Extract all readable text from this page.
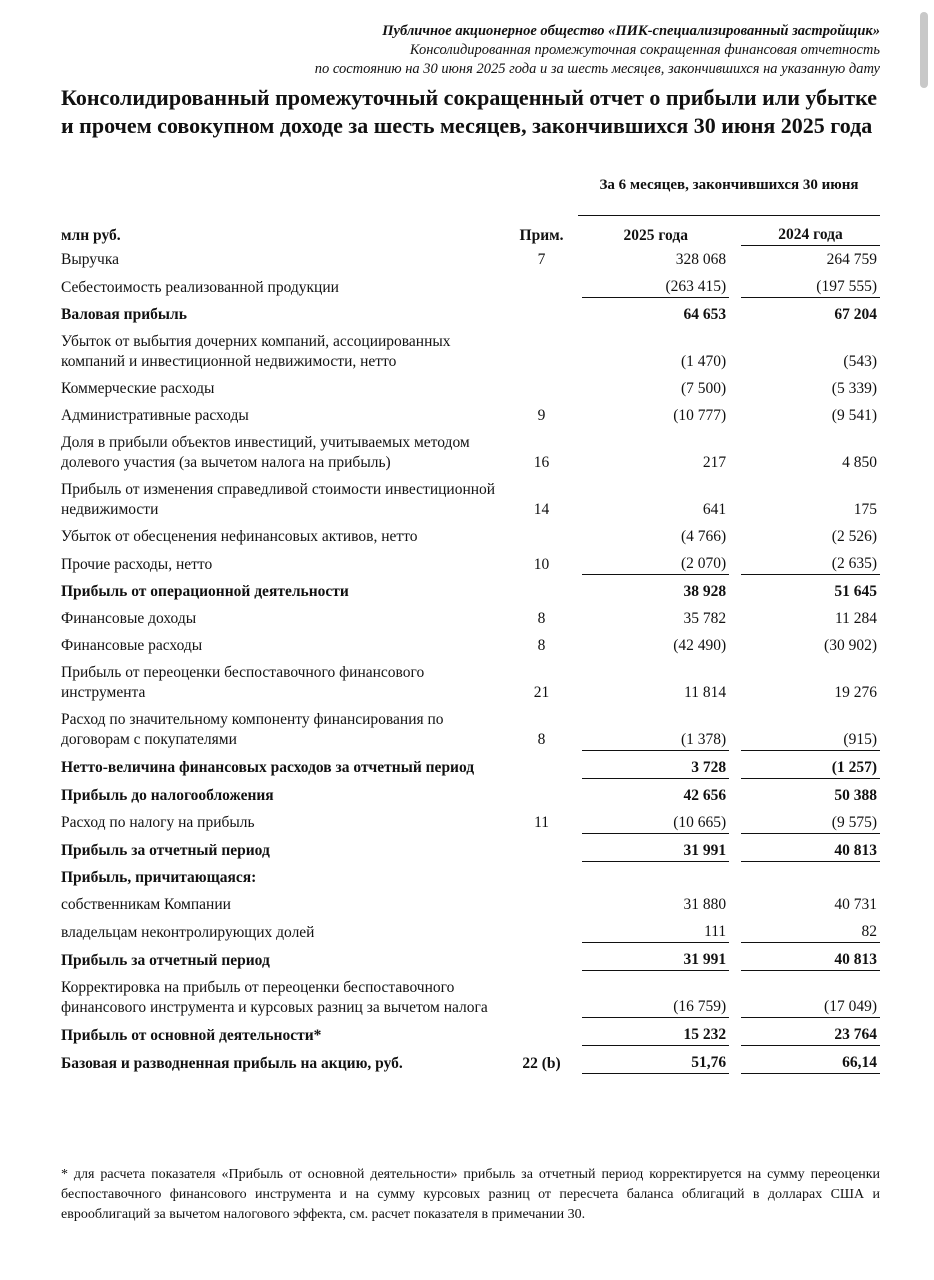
Публичное акционерное общество «ПИК-специализированный застройщик»
Консолидированная промежуточная сокращенная финансовая отчетность
по состоянию на 30 июня 2025 года и за шесть месяцев, закончившихся на указанную дату
Консолидированный промежуточный сокращенный отчет о прибыли или убытке и прочем совокупном доходе за шесть месяцев, закончившихся 30 июня 2025 года
За 6 месяцев, закончившихся 30 июня
млн руб.	Прим.		2025 года		2024 года
Выручка	7		328 068		264 759
Себестоимость реализованной продукции			(263 415)		(197 555)
Валовая прибыль			64 653		67 204
Убыток от выбытия дочерних компаний, ассоциированных компаний и инвестиционной недвижимости, нетто			(1 470)		(543)
Коммерческие расходы			(7 500)		(5 339)
Административные расходы	9		(10 777)		(9 541)
Доля в прибыли объектов инвестиций, учитываемых методом долевого участия (за вычетом налога на прибыль)	16		217		4 850
Прибыль от изменения справедливой стоимости инвестиционной недвижимости	14		641		175
Убыток от обесценения нефинансовых активов, нетто			(4 766)		(2 526)
Прочие расходы, нетто	10		(2 070)		(2 635)
Прибыль от операционной деятельности			38 928		51 645
Финансовые доходы	8		35 782		11 284
Финансовые расходы	8		(42 490)		(30 902)
Прибыль от переоценки беспоставочного финансового инструмента	21		11 814		19 276
Расход по значительному компоненту финансирования по договорам с покупателями	8		(1 378)		(915)
Нетто-величина финансовых расходов за отчетный период			3 728		(1 257)
Прибыль до налогообложения			42 656		50 388
Расход по налогу на прибыль	11		(10 665)		(9 575)
Прибыль за отчетный период			31 991		40 813
Прибыль, причитающаяся:					
собственникам Компании			31 880		40 731
владельцам неконтролирующих долей			111		82
Прибыль за отчетный период			31 991		40 813
Корректировка на прибыль от переоценки беспоставочного финансового инструмента и курсовых разниц за вычетом налога			(16 759)		(17 049)
Прибыль от основной деятельности*			15 232		23 764
Базовая и разводненная прибыль на акцию, руб.	22 (b)		51,76		66,14
* для расчета показателя «Прибыль от основной деятельности» прибыль за отчетный период корректируется на сумму переоценки беспоставочного финансового инструмента и на сумму курсовых разниц от пересчета баланса облигаций в долларах США и еврооблигаций за вычетом налогового эффекта, см. расчет показателя в примечании 30.
